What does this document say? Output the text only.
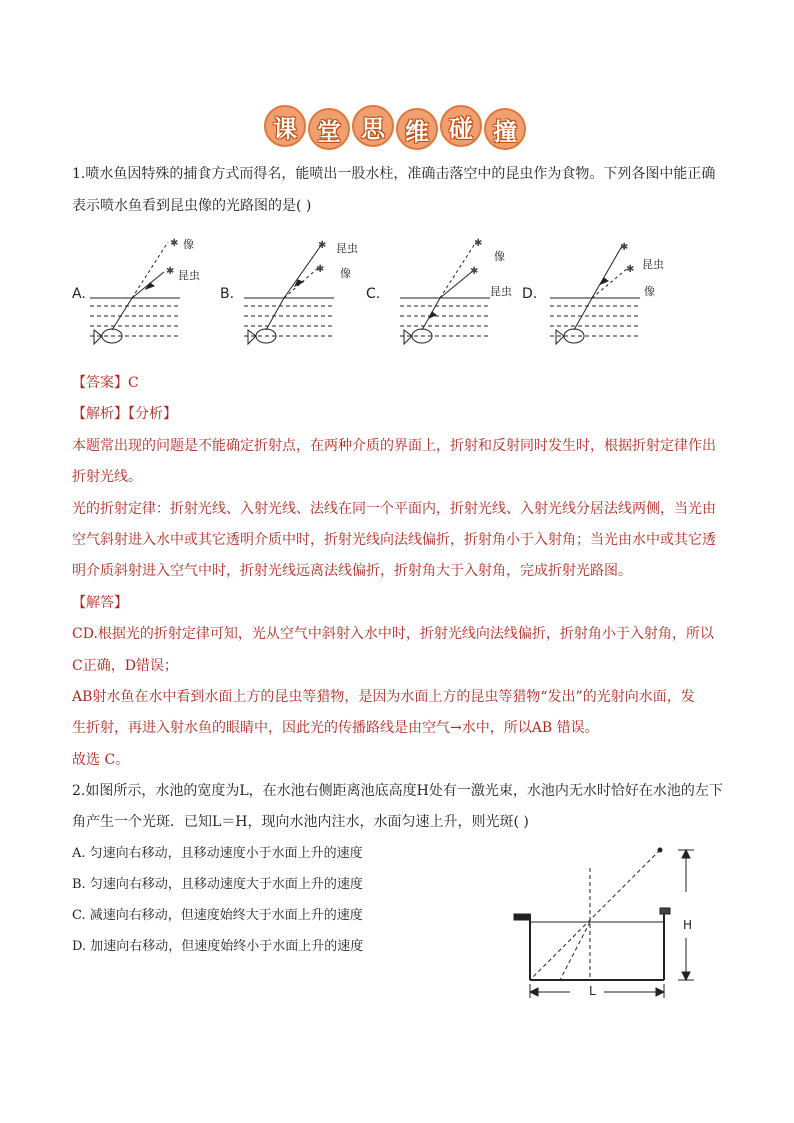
课 堂 思 维 碰 撞
1.喷水鱼因特殊的捕食方式而得名，能喷出一股水柱，准确击落空中的昆虫作为食物。下列各图中能正确
表示喷水鱼看到昆虫像的光路图的是( )
A.
✱
✱
像
昆虫
B.
✱
✱
昆虫
像
C.
✱
✱
像
昆虫 D.
✱
✱ 昆虫
像
【答案】C
【解析】【分析】
本题常出现的问题是不能确定折射点，在两种介质的界面上，折射和反射同时发生时，根据折射定律作出
折射光线。
光的折射定律：折射光线、入射光线、法线在同一个平面内，折射光线、入射光线分居法线两侧，当光由
空气斜射进入水中或其它透明介质中时，折射光线向法线偏折，折射角小于入射角；当光由水中或其它透
明介质斜射进入空气中时，折射光线远离法线偏折，折射角大于入射角，完成折射光路图。
【解答】
CD.根据光的折射定律可知，光从空气中斜射入水中时，折射光线向法线偏折，折射角小于入射角，所以
C正确，D错误；
AB射水鱼在水中看到水面上方的昆虫等猎物，是因为水面上方的昆虫等猎物“发出”的光射向水面，发
生折射，再进入射水鱼的眼睛中，因此光的传播路线是由空气→水中，所以AB 错误。
故选 C。
2.如图所示，水池的宽度为L，在水池右侧距离池底高度H处有一激光束，水池内无水时恰好在水池的左下
角产生一个光斑．已知L＝H，现向水池内注水，水面匀速上升，则光斑( )
A. 匀速向右移动，且移动速度小于水面上升的速度
B. 匀速向右移动，且移动速度大于水面上升的速度
C. 减速向右移动，但速度始终大于水面上升的速度
D. 加速向右移动，但速度始终小于水面上升的速度
H
L
